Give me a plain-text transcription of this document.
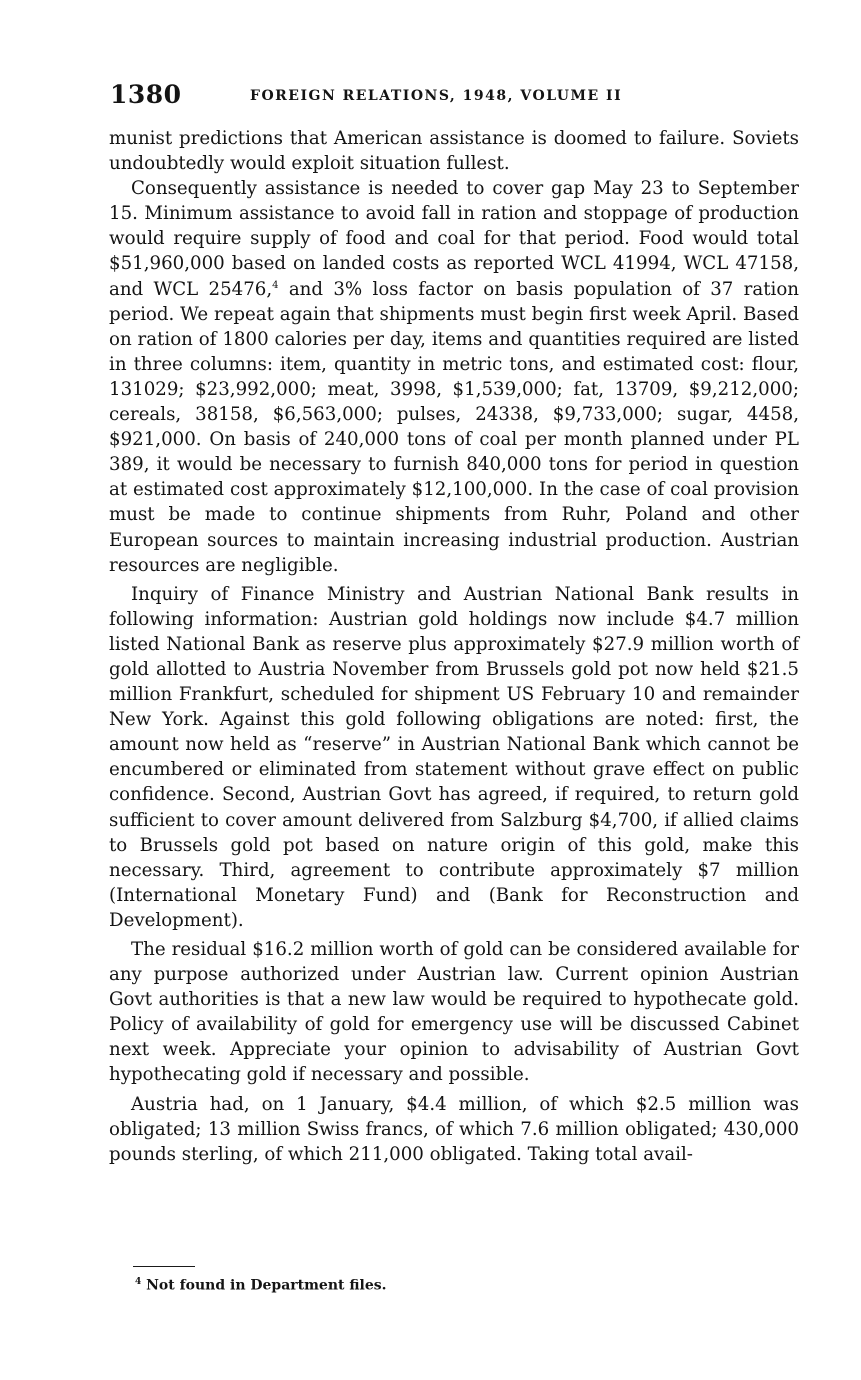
1380	FOREIGN RELATIONS, 1948, VOLUME II

munist predictions that American assistance is doomed to failure. Soviets undoubtedly would exploit situation fullest.

Consequently assistance is needed to cover gap May 23 to September 15. Minimum assistance to avoid fall in ration and stoppage of production would require supply of food and coal for that period. Food would total $51,960,000 based on landed costs as reported WCL 41994, WCL 47158, and WCL 25476,$^4$ and 3% loss factor on basis population of 37 ration period. We repeat again that shipments must begin first week April. Based on ration of 1800 calories per day, items and quantities required are listed in three columns: item, quantity in metric tons, and estimated cost: flour, 131029; $23,992,000; meat, 3998, $1,539,000; fat, 13709, $9,212,000; cereals, 38158, $6,563,000; pulses, 24338, $9,733,000; sugar, 4458, $921,000. On basis of 240,000 tons of coal per month planned under PL 389, it would be necessary to furnish 840,000 tons for period in question at estimated cost approximately $12,100,000. In the case of coal provision must be made to continue shipments from Ruhr, Poland and other European sources to maintain increasing industrial production. Austrian resources are negligible.

Inquiry of Finance Ministry and Austrian National Bank results in following information: Austrian gold holdings now include $4.7 million listed National Bank as reserve plus approximately $27.9 million worth of gold allotted to Austria November from Brussels gold pot now held $21.5 million Frankfurt, scheduled for shipment US February 10 and remainder New York. Against this gold following obligations are noted: first, the amount now held as “reserve” in Austrian National Bank which cannot be encumbered or eliminated from statement without grave effect on public confidence. Second, Austrian Govt has agreed, if required, to return gold sufficient to cover amount delivered from Salzburg $4,700, if allied claims to Brussels gold pot based on nature origin of this gold, make this necessary. Third, agreement to contribute approximately $7 million (International Monetary Fund) and (Bank for Reconstruction and Development).

The residual $16.2 million worth of gold can be considered available for any purpose authorized under Austrian law. Current opinion Austrian Govt authorities is that a new law would be required to hypothecate gold. Policy of availability of gold for emergency use will be discussed Cabinet next week. Appreciate your opinion to advisability of Austrian Govt hypothecating gold if necessary and possible.

Austria had, on 1 January, $4.4 million, of which $2.5 million was obligated; 13 million Swiss francs, of which 7.6 million obligated; 430,000 pounds sterling, of which 211,000 obligated. Taking total avail-

$^4$ Not found in Department files.
